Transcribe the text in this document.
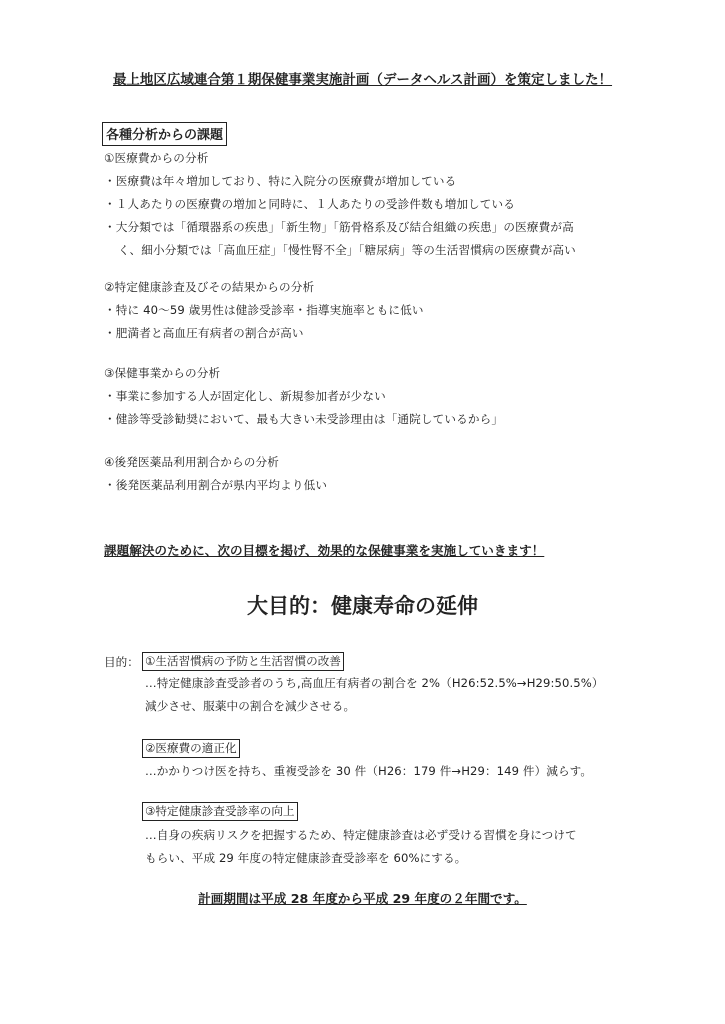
最上地区広域連合第１期保健事業実施計画（データヘルス計画）を策定しました！
各種分析からの課題
①医療費からの分析
・医療費は年々増加しており、特に入院分の医療費が増加している
・１人あたりの医療費の増加と同時に、１人あたりの受診件数も増加している
・大分類では「循環器系の疾患」「新生物」「筋骨格系及び結合組織の疾患」の医療費が高
く、細小分類では「高血圧症」「慢性腎不全」「糖尿病」等の生活習慣病の医療費が高い
②特定健康診査及びその結果からの分析
・特に 40～59 歳男性は健診受診率・指導実施率ともに低い
・肥満者と高血圧有病者の割合が高い
③保健事業からの分析
・事業に参加する人が固定化し、新規参加者が少ない
・健診等受診勧奨において、最も大きい未受診理由は「通院しているから」
④後発医薬品利用割合からの分析
・後発医薬品利用割合が県内平均より低い
課題解決のために、次の目標を掲げ、効果的な保健事業を実施していきます！
大目的：健康寿命の延伸
目的： ①生活習慣病の予防と生活習慣の改善
…特定健康診査受診者のうち,高血圧有病者の割合を 2%（H26:52.5%→H29:50.5%）
減少させ、服薬中の割合を減少させる。
②医療費の適正化
…かかりつけ医を持ち、重複受診を 30 件（H26：179 件→H29：149 件）減らす。
③特定健康診査受診率の向上
…自身の疾病リスクを把握するため、特定健康診査は必ず受ける習慣を身につけて
もらい、平成 29 年度の特定健康診査受診率を 60%にする。
計画期間は平成 28 年度から平成 29 年度の２年間です。
